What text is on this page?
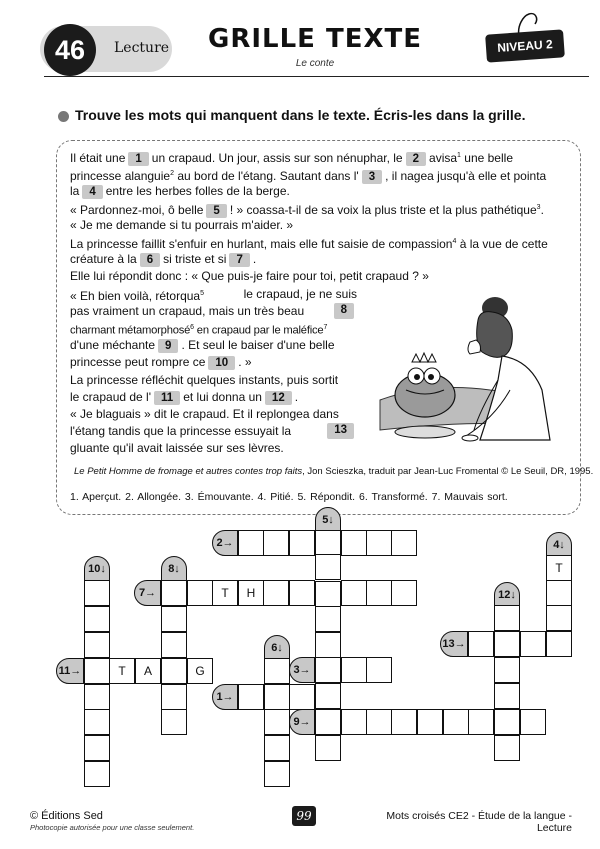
46	Lecture	GRILLE TEXTE
Le conte
NIVEAU 2
Trouve les mots qui manquent dans le texte. Écris-les dans la grille.
Il était une 1 un crapaud. Un jour, assis sur son nénuphar, le 2 avisa$^1$ une belle
princesse alanguie$^2$ au bord de l'étang. Sautant dans l' 3 , il nagea jusqu'à elle et pointa
la 4 entre les herbes folles de la berge.
« Pardonnez-moi, ô belle 5 ! » coassa-t-il de sa voix la plus triste et la plus pathétique$^3$.
« Je me demande si tu pourrais m'aider. »
La princesse faillit s'enfuir en hurlant, mais elle fut saisie de compassion$^4$ à la vue de cette
créature à la 6 si triste et si 7 .
Elle lui répondit donc : « Que puis-je faire pour toi, petit crapaud ? »
« Eh bien voilà, rétorqua$^5$	le crapaud, je ne suis
pas vraiment un crapaud, mais un très beau	8
charmant métamorphosé$^6$ en crapaud par le maléfice$^7$
d'une méchante 9 . Et seul le baiser d'une belle
princesse peut rompre ce 10 . »
La princesse réfléchit quelques instants, puis sortit
le crapaud de l' 11 et lui donna un 12 .
« Je blaguais » dit le crapaud. Et il replongea dans
l'étang tandis que la princesse essuyait la	13
gluante qu'il avait laissée sur ses lèvres.
Le Petit Homme de fromage et autres contes trop faits, Jon Scieszka, traduit par Jean-Luc Fromental © Le Seuil, DR, 1995.
1. Aperçut. 2. Allongée. 3. Émouvante. 4. Pitié. 5. Répondit. 6. Transformé. 7. Mauvais sort.
5↓
2→	4↓
T
10↓	8↓
7→	T	H	12↓
6↓	13→
11→	T	A	G	3→
1→
9→
© Éditions Sed
Photocopie autorisée pour une classe seulement.
99	Mots croisés CE2 - Étude de la langue - Lecture
